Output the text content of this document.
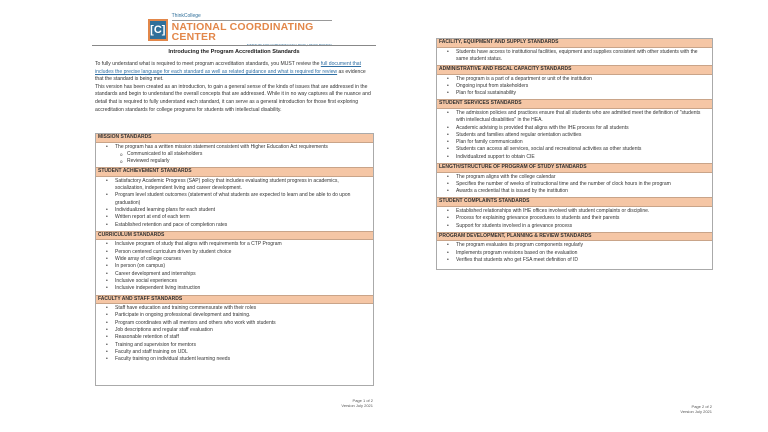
[C]
ThinkCollege
NATIONAL COORDINATING CENTER
INSTITUTE FOR COMMUNITY INCLUSION, UMASS BOSTON
Introducing the Program Accreditation Standards
To fully understand what is required to meet program accreditation standards, you MUST review the full document that includes the precise language for each standard as well as related guidance and what is required for review as evidence that the standard is being met.
This version has been created as an introduction, to gain a general sense of the kinds of issues that are addressed in the standards and begin to understand the overall concepts that are addressed. While it in no way captures all the nuance and detail that is required to fully understand each standard, it can serve as a general introduction for those first exploring accreditation standards for college programs for students with intellectual disability.
MISSION STANDARDS
• The program has a written mission statement consistent with Higher Education Act requirements
o Communicated to all stakeholders
o Reviewed regularly
STUDENT ACHIEVEMENT STANDARDS
• Satisfactory Academic Progress (SAP) policy that includes evaluating student progress in academics, socialization, independent living and career development.
• Program level student outcomes (statement of what students are expected to learn and be able to do upon graduation)
• Individualized learning plans for each student
• Written report at end of each term
• Established retention and pace of completion rates
CURRICULUM STANDARDS
• Inclusive program of study that aligns with requirements for a CTP Program
• Person centered curriculum driven by student choice
• Wide array of college courses
• In person (on campus)
• Career development and internships
• Inclusive social experiences
• Inclusive independent living instruction
FACULTY AND STAFF STANDARDS
• Staff have education and training commensurate with their roles
• Participate in ongoing professional development and training.
• Program coordinates with all mentors and others who work with students
• Job descriptions and regular staff evaluation
• Reasonable retention of staff
• Training and supervision for mentors
• Faculty and staff training on UDL
• Faculty training on individual student learning needs
Page 1 of 2
Version July 2021	Page 2 of 2
Version July 2021
FACILITY, EQUIPMENT AND SUPPLY STANDARDS
• Students have access to institutional facilities, equipment and supplies consistent with other students with the same student status.
ADMINISTRATIVE AND FISCAL CAPACITY STANDARDS
• The program is a part of a department or unit of the institution
• Ongoing input from stakeholders
• Plan for fiscal sustainability
STUDENT SERVICES STANDARDS
• The admission policies and practices ensure that all students who are admitted meet the definition of "students with intellectual disabilities" in the HEA.
• Academic advising is provided that aligns with the IHE process for all students
• Students and families attend regular orientation activities
• Plan for family communication
• Students can access all services, social and recreational activities as other students
• Individualized support to obtain CIE
LENGTH/STRUCTURE OF PROGRAM OF STUDY STANDARDS
• The program aligns with the college calendar
• Specifies the number of weeks of instructional time and the number of clock hours in the program
• Awards a credential that is issued by the institution
STUDENT COMPLAINTS STANDARDS
• Established relationships with IHE offices involved with student complaints or discipline.
• Process for explaining grievance procedures to students and their parents
• Support for students involved in a grievance process
PROGRAM DEVELOPMENT, PLANNING & REVIEW STANDARDS
• The program evaluates its program components regularly
• Implements program revisions based on the evaluation
• Verifies that students who get FSA meet definition of ID
